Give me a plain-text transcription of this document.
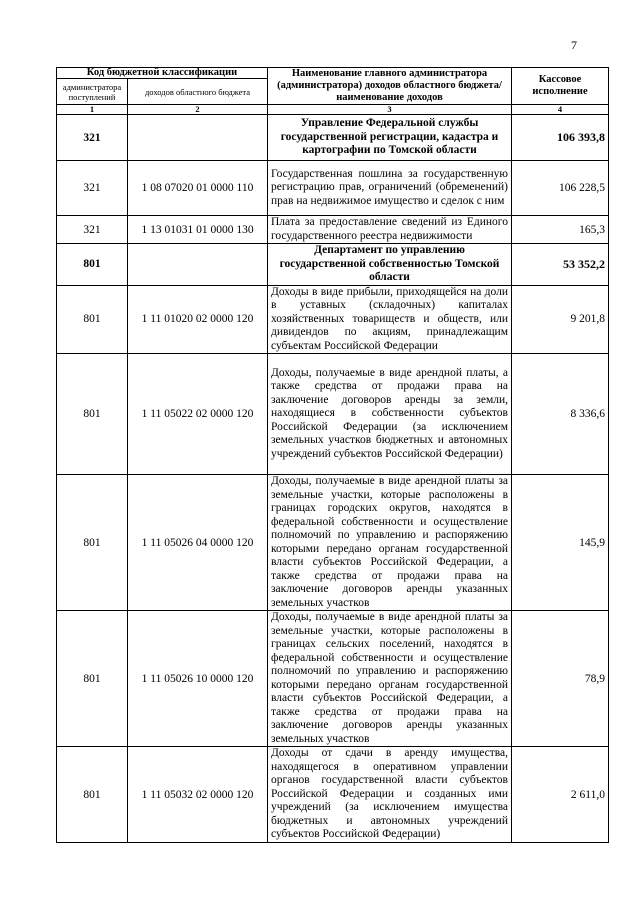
7
Код бюджетной классификации		Наименование главного администратора (администратора) доходов областного бюджета/ наименование доходов	Кассовое исполнение
администратора поступлений	доходов областного бюджета		
1	2	3	4
321		Управление Федеральной службы государственной регистрации, кадастра и картографии по Томской области	106 393,8
321	1 08 07020 01 0000 110	Государственная пошлина за государственную регистрацию прав, ограничений (обременений) прав на недвижимое имущество и сделок с ним	106 228,5
321	1 13 01031 01 0000 130	Плата за предоставление сведений из Единого государственного реестра недвижимости	165,3
801		Департамент по управлению государственной собственностью Томской области	53 352,2
801	1 11 01020 02 0000 120	Доходы в виде прибыли, приходящейся на доли в уставных (складочных) капиталах хозяйственных товариществ и обществ, или дивидендов по акциям, принадлежащим субъектам Российской Федерации	9 201,8
801	1 11 05022 02 0000 120	Доходы, получаемые в виде арендной платы, а также средства от продажи права на заключение договоров аренды за земли, находящиеся в собственности субъектов Российской Федерации (за исключением земельных участков бюджетных и автономных учреждений субъектов Российской Федерации)	8 336,6
801	1 11 05026 04 0000 120	Доходы, получаемые в виде арендной платы за земельные участки, которые расположены в границах городских округов, находятся в федеральной собственности и осуществление полномочий по управлению и распоряжению которыми передано органам государственной власти субъектов Российской Федерации, а также средства от продажи права на заключение договоров аренды указанных земельных участков	145,9
801	1 11 05026 10 0000 120	Доходы, получаемые в виде арендной платы за земельные участки, которые расположены в границах сельских поселений, находятся в федеральной собственности и осуществление полномочий по управлению и распоряжению которыми передано органам государственной власти субъектов Российской Федерации, а также средства от продажи права на заключение договоров аренды указанных земельных участков	78,9
801	1 11 05032 02 0000 120	Доходы от сдачи в аренду имущества, находящегося в оперативном управлении органов государственной власти субъектов Российской Федерации и созданных ими учреждений (за исключением имущества бюджетных и автономных учреждений субъектов Российской Федерации)	2 611,0
